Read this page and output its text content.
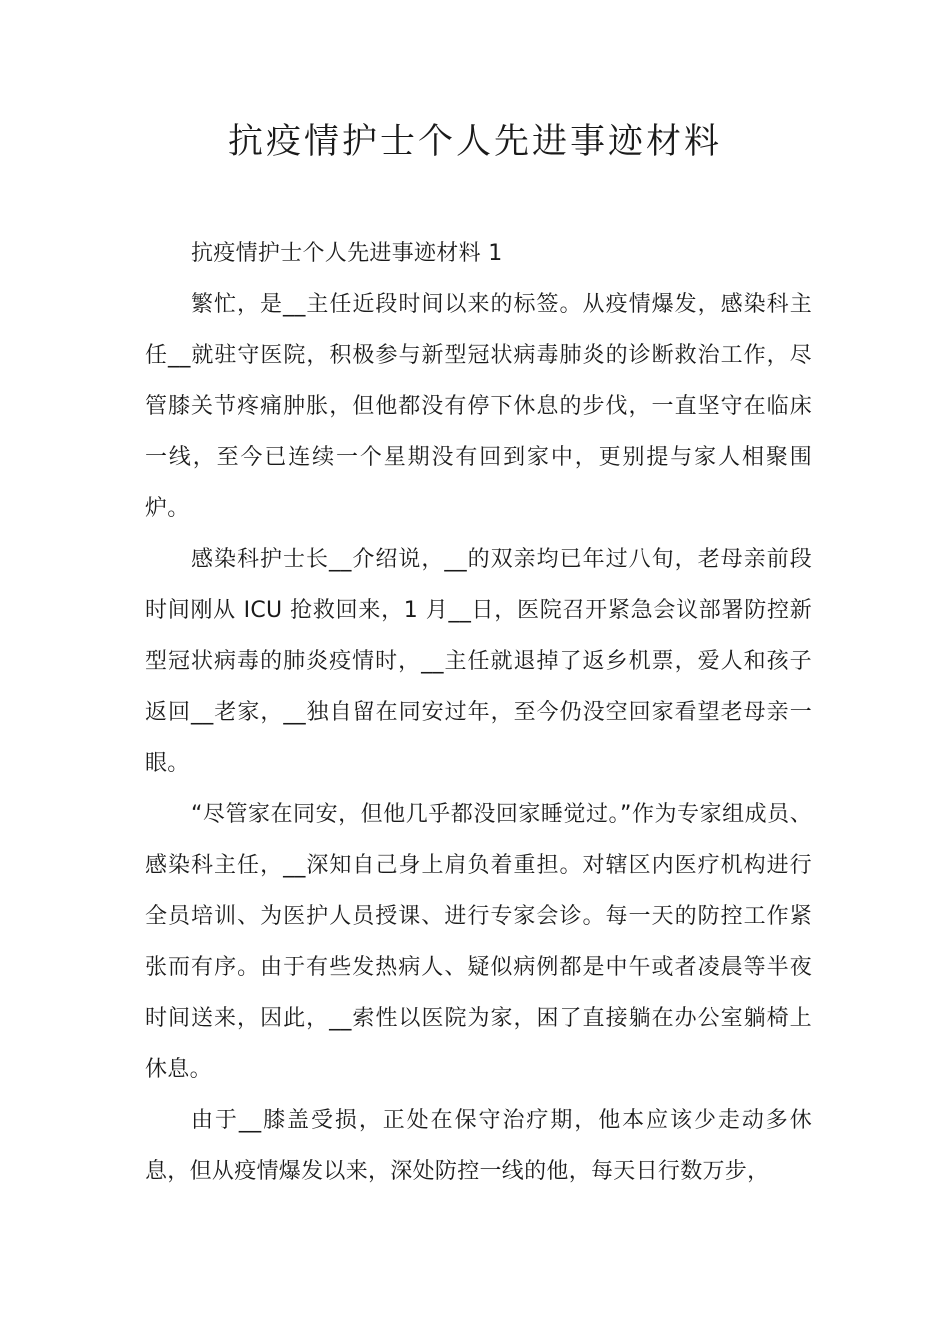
抗疫情护士个人先进事迹材料

抗疫情护士个人先进事迹材料 1

繁忙，是__主任近段时间以来的标签。从疫情爆发，感染科主任__就驻守医院，积极参与新型冠状病毒肺炎的诊断救治工作，尽管膝关节疼痛肿胀，但他都没有停下休息的步伐，一直坚守在临床一线，至今已连续一个星期没有回到家中，更别提与家人相聚围炉。

感染科护士长__介绍说，__的双亲均已年过八旬，老母亲前段时间刚从 ICU 抢救回来，1 月__日，医院召开紧急会议部署防控新型冠状病毒的肺炎疫情时，__主任就退掉了返乡机票，爱人和孩子返回__老家，__独自留在同安过年，至今仍没空回家看望老母亲一眼。

“尽管家在同安，但他几乎都没回家睡觉过。”作为专家组成员、感染科主任，__深知自己身上肩负着重担。对辖区内医疗机构进行全员培训、为医护人员授课、进行专家会诊。每一天的防控工作紧张而有序。由于有些发热病人、疑似病例都是中午或者凌晨等半夜时间送来，因此，__索性以医院为家，困了直接躺在办公室躺椅上休息。

由于__膝盖受损，正处在保守治疗期，他本应该少走动多休息，但从疫情爆发以来，深处防控一线的他，每天日行数万步，
